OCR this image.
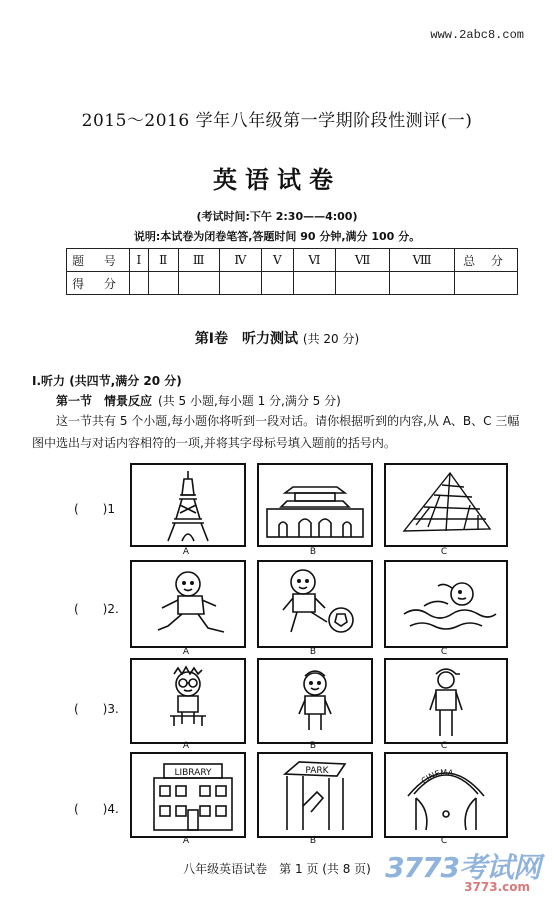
www.2abc8.com
2015～2016 学年八年级第一学期阶段性测评(一)
英语试卷
(考试时间:下午 2:30——4:00)
说明:本试卷为闭卷笔答,答题时间 90 分钟,满分 100 分。
题 号	Ⅰ	Ⅱ	Ⅲ	Ⅳ	Ⅴ	Ⅵ	Ⅶ	Ⅷ	总 分
得 分									
第Ⅰ卷　听力测试 (共 20 分)
Ⅰ.听力 (共四节,满分 20 分)
第一节　情景反应 (共 5 小题,每小题 1 分,满分 5 分)
这一节共有 5 个小题,每小题你将听到一段对话。请你根据听到的内容,从 A、B、C 三幅
图中选出与对话内容相符的一项,并将其字母标号填入题前的括号内。
(　　)1
(　　)2.
(　　)3.
(　　)4.
LIBRARY	PARK
CINEMA
A	B	C
A	B	C
A	B	C
A	B	C
八年级英语试卷　第 1 页 (共 8 页) 3773考试网
3773.com
